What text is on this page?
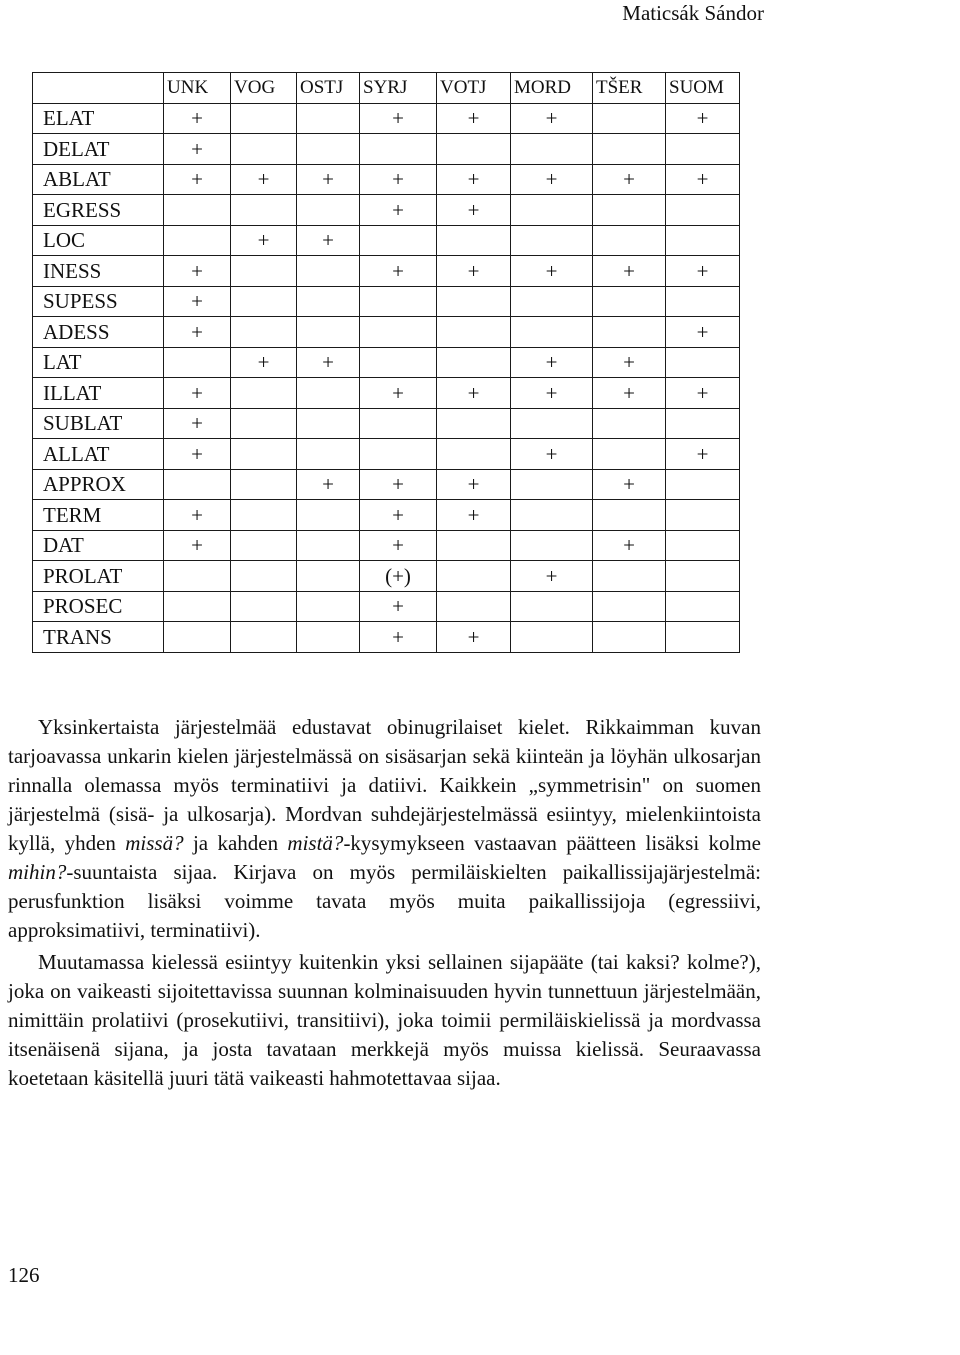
Maticsák Sándor
	UNK	VOG	OSTJ	SYRJ	VOTJ	MORD	TŠER	SUOM
ELAT	+			+	+	+		+
DELAT	+							
ABLAT	+	+	+	+	+	+	+	+
EGRESS				+	+			
LOC		+	+					
INESS	+			+	+	+	+	+
SUPESS	+							
ADESS	+							+
LAT		+	+			+	+	
ILLAT	+			+	+	+	+	+
SUBLAT	+							
ALLAT	+					+		+
APPROX			+	+	+		+	
TERM	+			+	+			
DAT	+			+			+	
PROLAT				(+)		+		
PROSEC				+				
TRANS				+	+			

Yksinkertaista järjestelmää edustavat obinugrilaiset kielet. Rikkaimman kuvan tarjoavassa unkarin kielen järjestelmässä on sisäsarjan sekä kiinteän ja löyhän ulkosarjan rinnalla olemassa myös terminatiivi ja datiivi. Kaikkein „symmetrisin" on suomen järjestelmä (sisä- ja ulkosarja). Mordvan suhdejärjestelmässä esiintyy, mielenkiintoista kyllä, yhden missä? ja kahden mistä?-kysymykseen vastaavan päätteen lisäksi kolme mihin?-suuntaista sijaa. Kirjava on myös permiläiskielten paikallissijajärjestelmä: perusfunktion lisäksi voimme tavata myös muita paikallissijoja (egressiivi, approksimatiivi, terminatiivi).

Muutamassa kielessä esiintyy kuitenkin yksi sellainen sijapääte (tai kaksi? kolme?), joka on vaikeasti sijoitettavissa suunnan kolminaisuuden hyvin tunnettuun järjestelmään, nimittäin prolatiivi (prosekutiivi, transitiivi), joka toimii permiläiskielissä ja mordvassa itsenäisenä sijana, ja josta tavataan merkkejä myös muissa kielissä. Seuraavassa koetetaan käsitellä juuri tätä vaikeasti hahmotettavaa sijaa.

126
